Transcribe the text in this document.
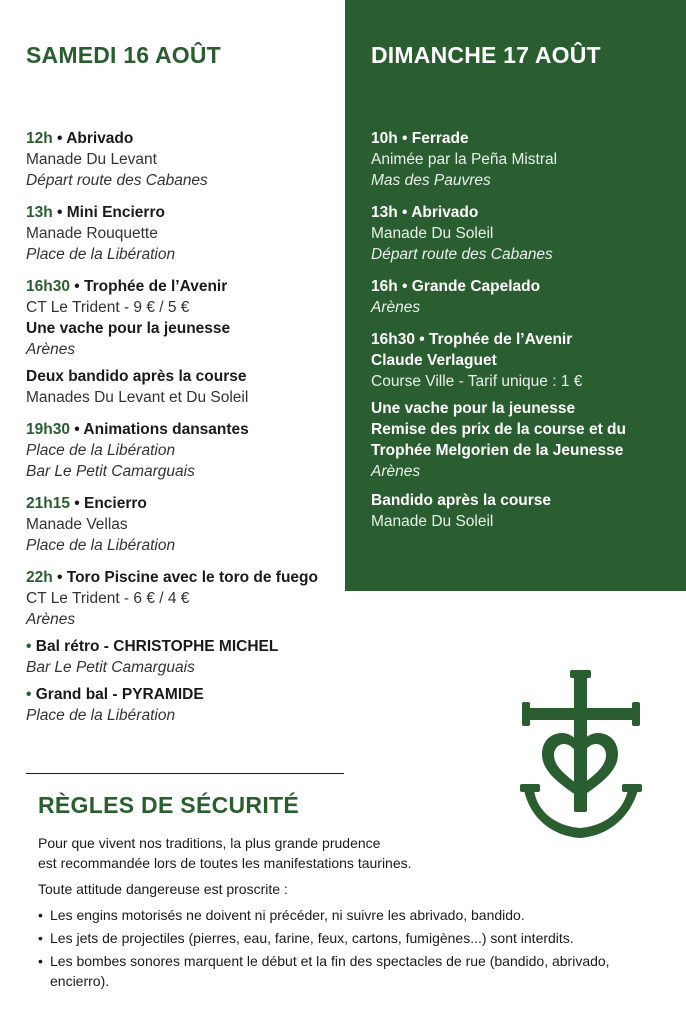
SAMEDI 16 AOÛT	DIMANCHE 17 AOÛT
12h • Abrivado
Manade Du Levant
Départ route des Cabanes
13h • Mini Encierro
Manade Rouquette
Place de la Libération
16h30 • Trophée de l’Avenir
CT Le Trident - 9 € / 5 €
Une vache pour la jeunesse
Arènes
Deux bandido après la course
Manades Du Levant et Du Soleil
19h30 • Animations dansantes
Place de la Libération
Bar Le Petit Camarguais
21h15 • Encierro
Manade Vellas
Place de la Libération
22h • Toro Piscine avec le toro de fuego
CT Le Trident - 6 € / 4 €
Arènes
• Bal rétro - CHRISTOPHE MICHEL
Bar Le Petit Camarguais
• Grand bal - PYRAMIDE
Place de la Libération
10h • Ferrade
Animée par la Peña Mistral
Mas des Pauvres
13h • Abrivado
Manade Du Soleil
Départ route des Cabanes
16h • Grande Capelado
Arènes
16h30 • Trophée de l’Avenir
Claude Verlaguet
Course Ville - Tarif unique : 1 €
Une vache pour la jeunesse
Remise des prix de la course et du
Trophée Melgorien de la Jeunesse
Arènes
Bandido après la course
Manade Du Soleil
RÈGLES DE SÉCURITÉ

Pour que vivent nos traditions, la plus grande prudence
est recommandée lors de toutes les manifestations taurines.

Toute attitude dangereuse est proscrite :

• Les engins motorisés ne doivent ni précéder, ni suivre les abrivado, bandido.
• Les jets de projectiles (pierres, eau, farine, feux, cartons, fumigènes...) sont interdits.
• Les bombes sonores marquent le début et la fin des spectacles de rue (bandido, abrivado, encierro).
